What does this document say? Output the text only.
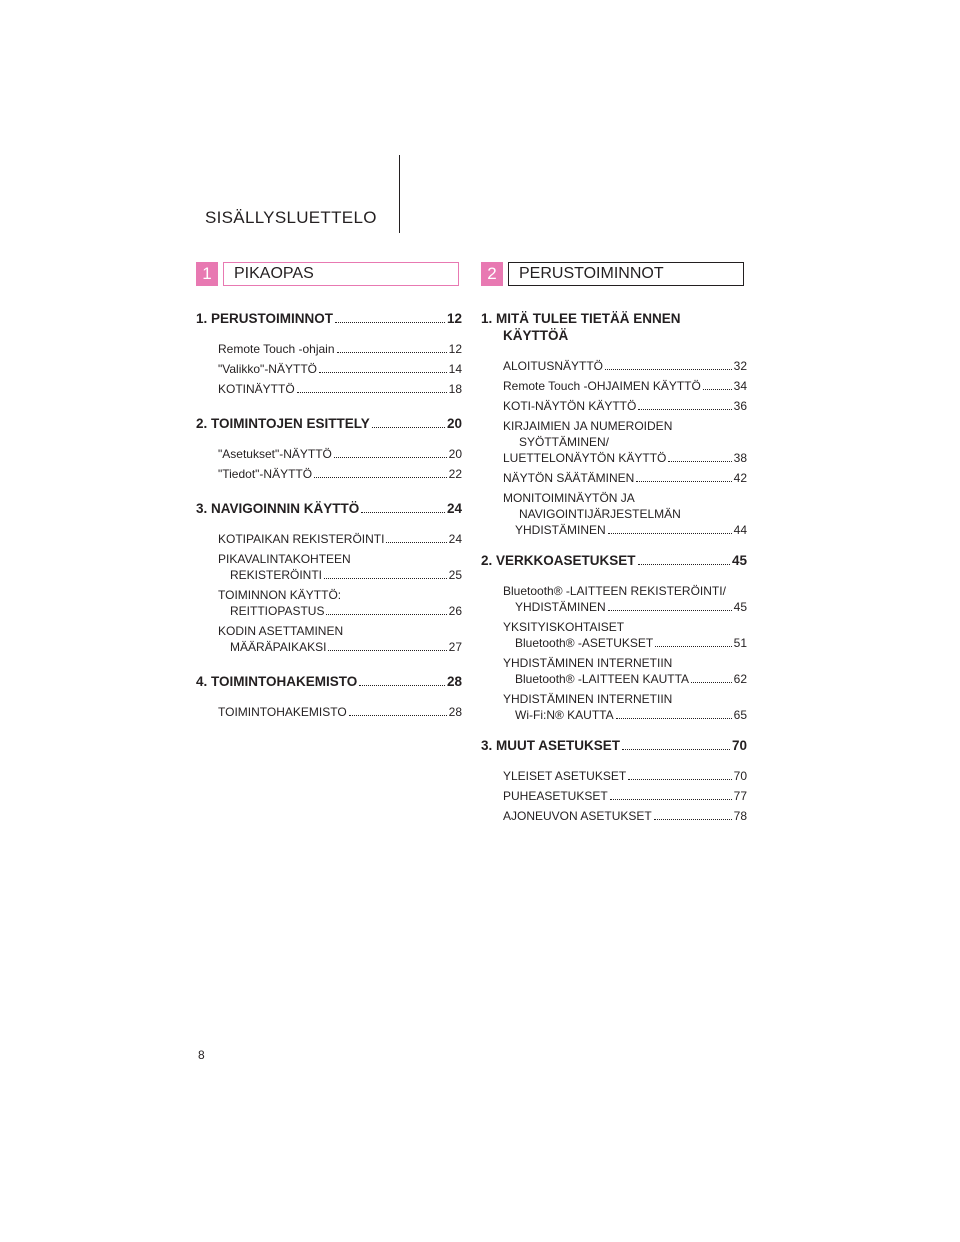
SISÄLLYSLUETTELO
1	PIKAOPAS	2	PERUSTOIMINNOT
1. PERUSTOIMINNOT	12
Remote Touch -ohjain	12
"Valikko"-NÄYTTÖ	14
KOTINÄYTTÖ	18
2. TOIMINTOJEN ESITTELY	20
"Asetukset"-NÄYTTÖ	20
"Tiedot"-NÄYTTÖ	22
3. NAVIGOINNIN KÄYTTÖ	24
KOTIPAIKAN REKISTERÖINTI	24
PIKAVALINTAKOHTEEN
REKISTERÖINTI	25
TOIMINNON KÄYTTÖ:
REITTIOPASTUS	26
KODIN ASETTAMINEN
MÄÄRÄPAIKAKSI	27
4. TOIMINTOHAKEMISTO	28
TOIMINTOHAKEMISTO	28
1. MITÄ TULEE TIETÄÄ ENNEN
KÄYTTÖÄ
ALOITUSNÄYTTÖ	32
Remote Touch -OHJAIMEN KÄYTTÖ	34
KOTI-NÄYTÖN KÄYTTÖ	36
KIRJAIMIEN JA NUMEROIDEN
SYÖTTÄMINEN/
LUETTELONÄYTÖN KÄYTTÖ	38
NÄYTÖN SÄÄTÄMINEN	42
MONITOIMINÄYTÖN JA
NAVIGOINTIJÄRJESTELMÄN
YHDISTÄMINEN	44
2. VERKKOASETUKSET	45
Bluetooth® -LAITTEEN REKISTERÖINTI/
YHDISTÄMINEN	45
YKSITYISKOHTAISET
Bluetooth® -ASETUKSET	51
YHDISTÄMINEN INTERNETIIN
Bluetooth® -LAITTEEN KAUTTA	62
YHDISTÄMINEN INTERNETIIN
Wi-Fi:N® KAUTTA	65
3. MUUT ASETUKSET	70
YLEISET ASETUKSET	70
PUHEASETUKSET	77
AJONEUVON ASETUKSET	78
8
